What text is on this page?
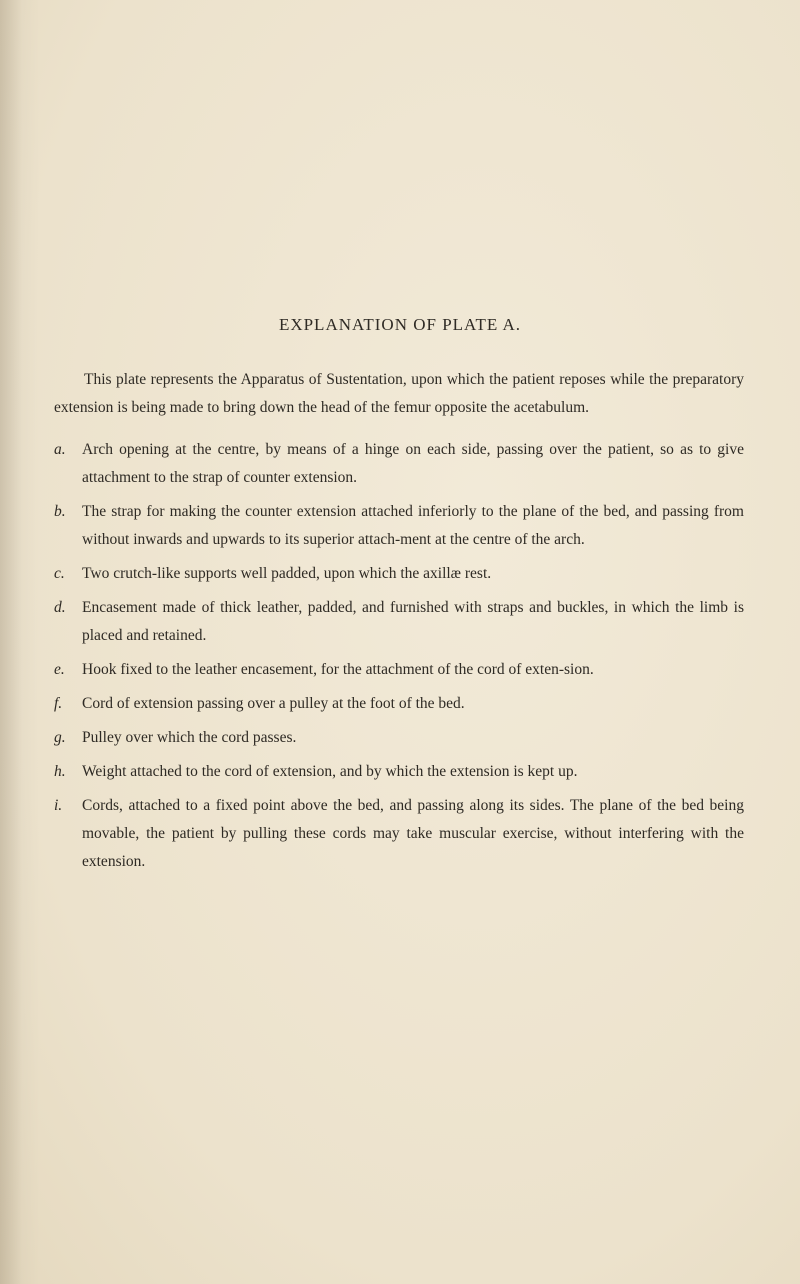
EXPLANATION OF PLATE A.

This plate represents the Apparatus of Sustentation, upon which the patient reposes while the preparatory extension is being made to bring down the head of the femur opposite the acetabulum.

a. Arch opening at the centre, by means of a hinge on each side, passing over the patient, so as to give attachment to the strap of counter extension.

b. The strap for making the counter extension attached inferiorly to the plane of the bed, and passing from without inwards and upwards to its superior attach-ment at the centre of the arch.

c. Two crutch-like supports well padded, upon which the axillæ rest.

d. Encasement made of thick leather, padded, and furnished with straps and buckles, in which the limb is placed and retained.

e. Hook fixed to the leather encasement, for the attachment of the cord of exten-sion.

f. Cord of extension passing over a pulley at the foot of the bed.

g. Pulley over which the cord passes.

h. Weight attached to the cord of extension, and by which the extension is kept up.

i. Cords, attached to a fixed point above the bed, and passing along its sides. The plane of the bed being movable, the patient by pulling these cords may take muscular exercise, without interfering with the extension.
